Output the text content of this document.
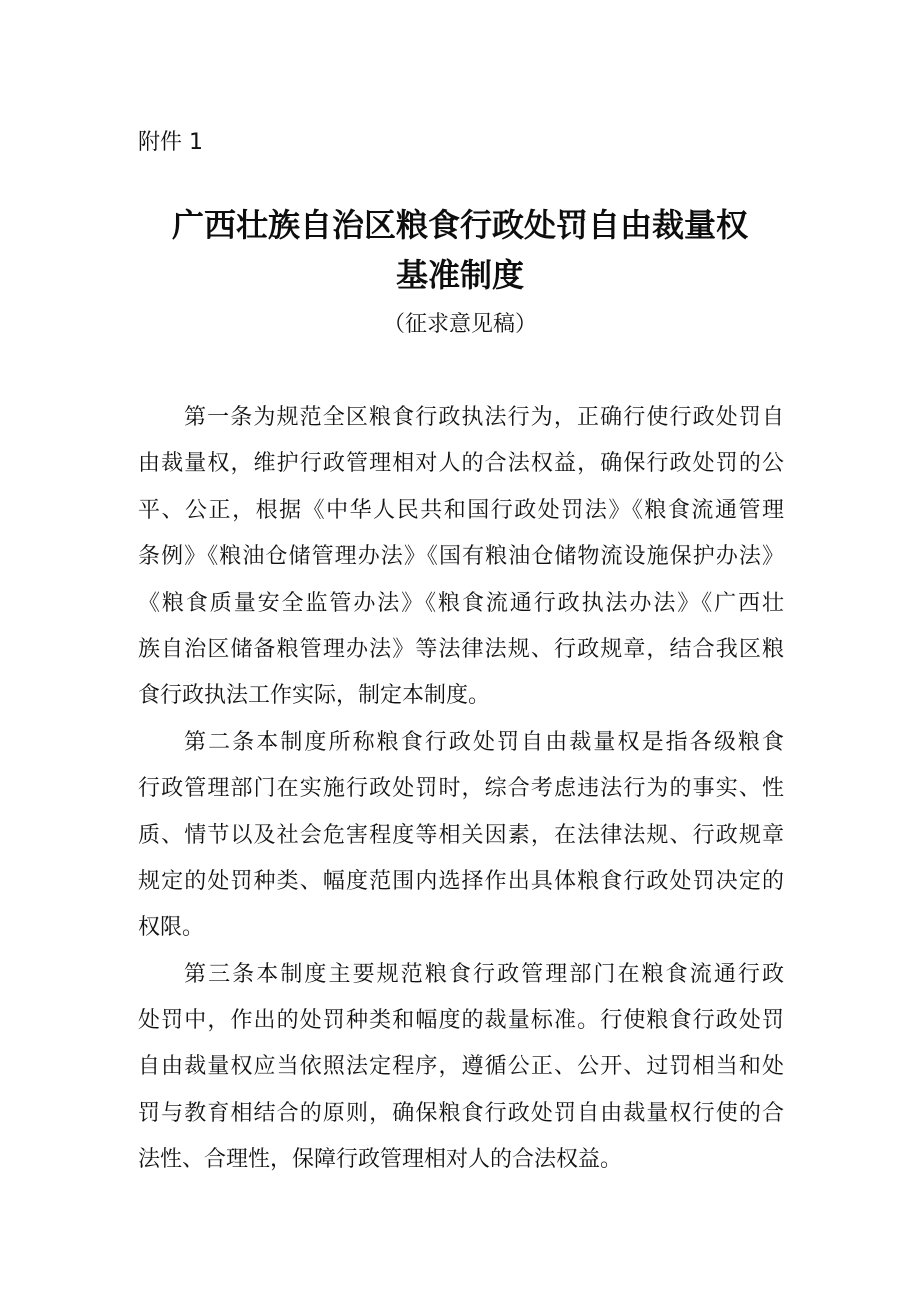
附件 1
广西壮族自治区粮食行政处罚自由裁量权
基准制度
（征求意见稿）
第一条为规范全区粮食行政执法行为，正确行使行政处罚自
由裁量权，维护行政管理相对人的合法权益，确保行政处罚的公
平、公正，根据《中华人民共和国行政处罚法》《粮食流通管理
条例》《粮油仓储管理办法》《国有粮油仓储物流设施保护办法》
《粮食质量安全监管办法》《粮食流通行政执法办法》《广西壮
族自治区储备粮管理办法》等法律法规、行政规章，结合我区粮
食行政执法工作实际，制定本制度。
第二条本制度所称粮食行政处罚自由裁量权是指各级粮食
行政管理部门在实施行政处罚时，综合考虑违法行为的事实、性
质、情节以及社会危害程度等相关因素，在法律法规、行政规章
规定的处罚种类、幅度范围内选择作出具体粮食行政处罚决定的
权限。
第三条本制度主要规范粮食行政管理部门在粮食流通行政
处罚中，作出的处罚种类和幅度的裁量标准。行使粮食行政处罚
自由裁量权应当依照法定程序，遵循公正、公开、过罚相当和处
罚与教育相结合的原则，确保粮食行政处罚自由裁量权行使的合
法性、合理性，保障行政管理相对人的合法权益。
